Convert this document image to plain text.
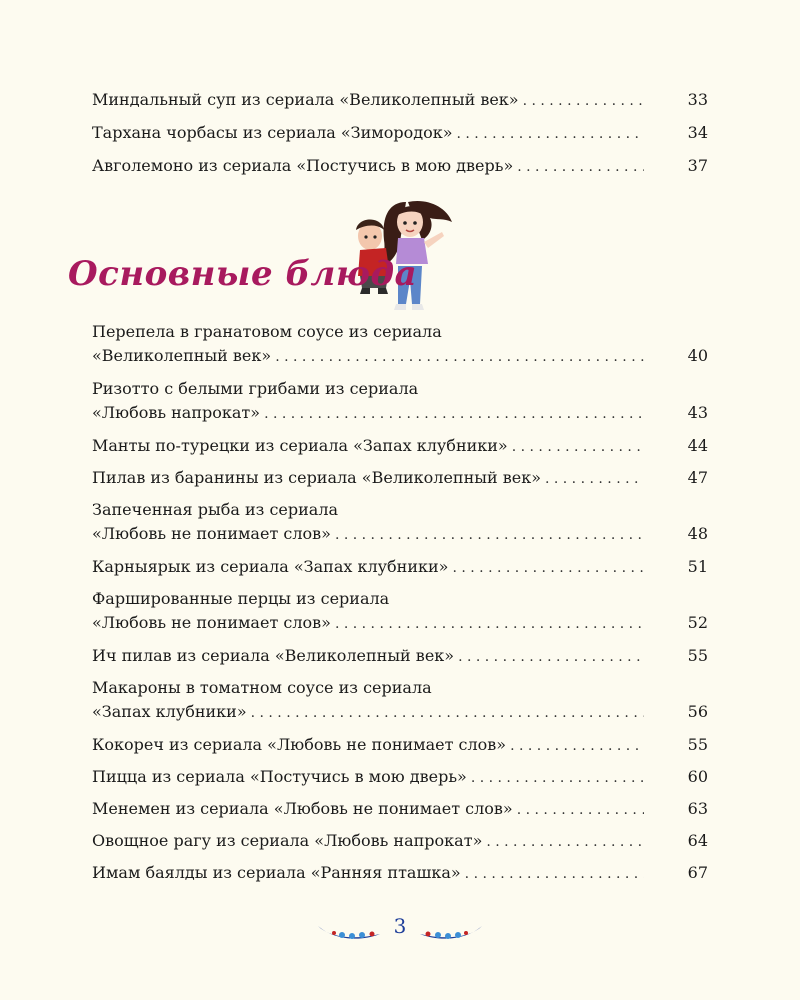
Миндальный суп из сериала «Великолепный век» . . .	33
Тархана чорбасы из сериала «Зимородок» . . .	34
Авголемоно из сериала «Постучись в мою дверь» . . .	37
Основные блюда
Перепела в гранатовом соусе из сериала
«Великолепный век» . . .	40
Ризотто с белыми грибами из сериала
«Любовь напрокат» . . .	43
Манты по-турецки из сериала «Запах клубники» . . .	44
Пилав из баранины из сериала «Великолепный век» . . .	47
Запеченная рыба из сериала
«Любовь не понимает слов» . . .	48
Карныярык из сериала «Запах клубники» . . .	51
Фаршированные перцы из сериала
«Любовь не понимает слов» . . .	52
Ич пилав из сериала «Великолепный век» . . .	55
Макароны в томатном соусе из сериала
«Запах клубники» . . .	56
Кокореч из сериала «Любовь не понимает слов» . . .	55
Пицца из сериала «Постучись в мою дверь» . . .	60
Менемен из сериала «Любовь не понимает слов» . . .	63
Овощное рагу из сериала «Любовь напрокат» . . .	64
Имам баялды из сериала «Ранняя пташка» . . .	67
3
